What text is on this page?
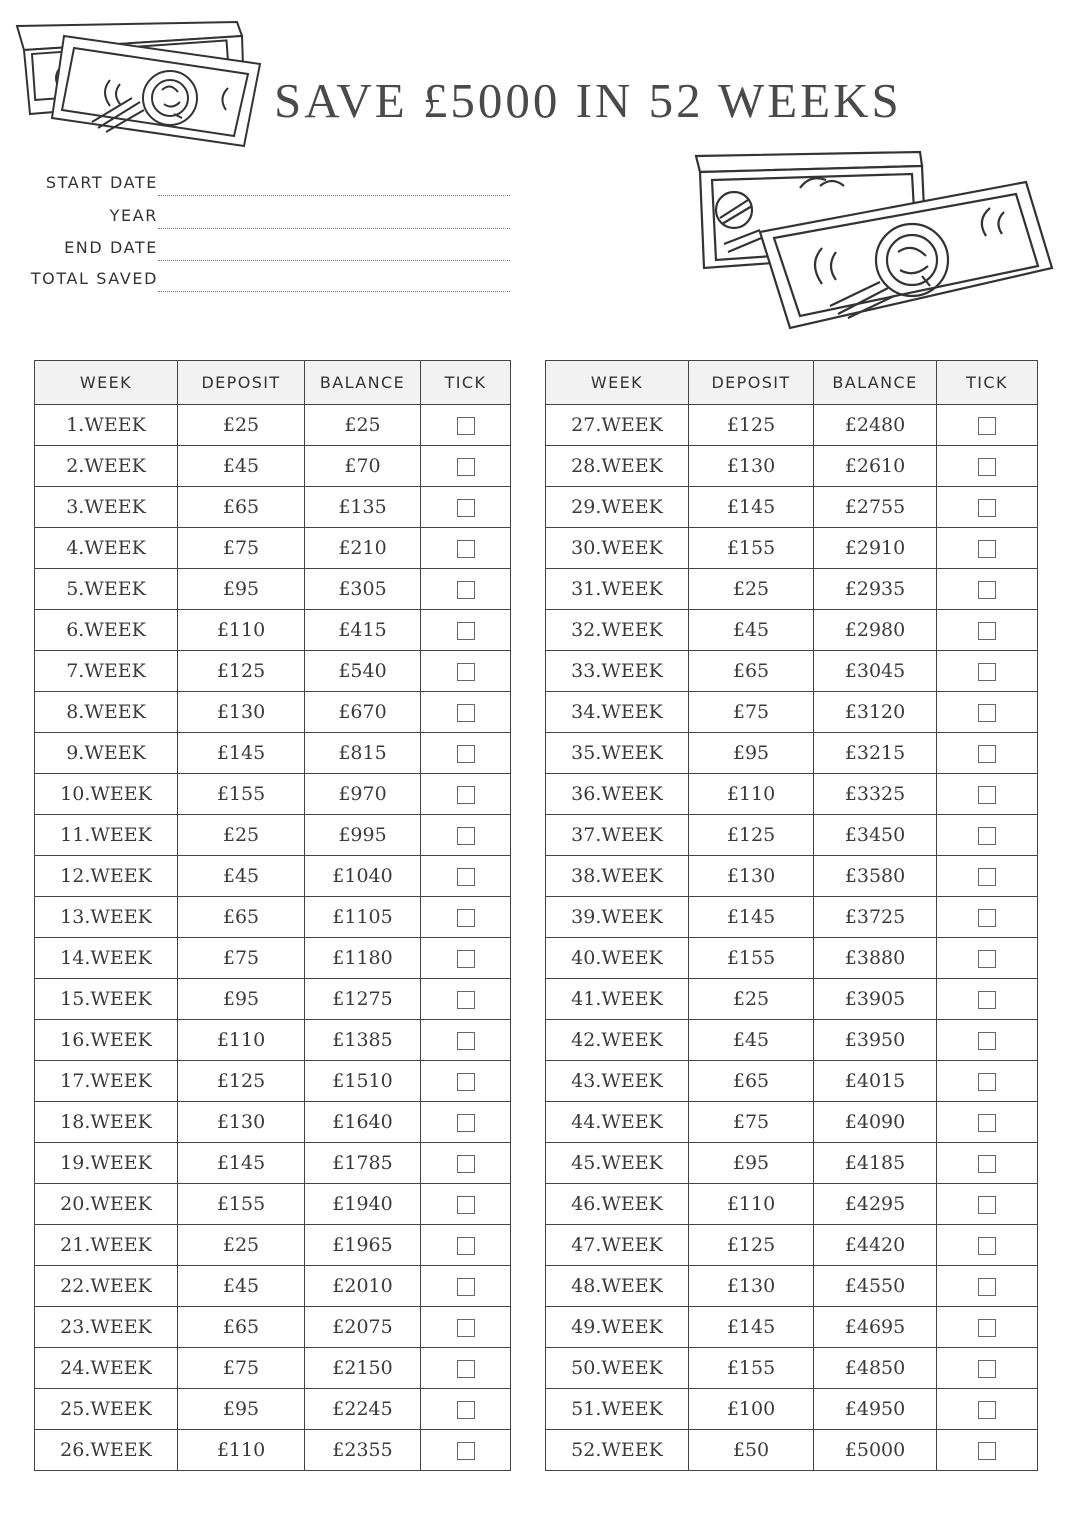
SAVE £5000 IN 52 WEEKS
START DATE
YEAR
END DATE
TOTAL SAVED
WEEK	DEPOSIT	BALANCE	TICK
1.WEEK	£25	£25	
2.WEEK	£45	£70	
3.WEEK	£65	£135	
4.WEEK	£75	£210	
5.WEEK	£95	£305	
6.WEEK	£110	£415	
7.WEEK	£125	£540	
8.WEEK	£130	£670	
9.WEEK	£145	£815	
10.WEEK	£155	£970	
11.WEEK	£25	£995	
12.WEEK	£45	£1040	
13.WEEK	£65	£1105	
14.WEEK	£75	£1180	
15.WEEK	£95	£1275	
16.WEEK	£110	£1385	
17.WEEK	£125	£1510	
18.WEEK	£130	£1640	
19.WEEK	£145	£1785	
20.WEEK	£155	£1940	
21.WEEK	£25	£1965	
22.WEEK	£45	£2010	
23.WEEK	£65	£2075	
24.WEEK	£75	£2150	
25.WEEK	£95	£2245	
26.WEEK	£110	£2355	
WEEK	DEPOSIT	BALANCE	TICK
27.WEEK	£125	£2480	
28.WEEK	£130	£2610	
29.WEEK	£145	£2755	
30.WEEK	£155	£2910	
31.WEEK	£25	£2935	
32.WEEK	£45	£2980	
33.WEEK	£65	£3045	
34.WEEK	£75	£3120	
35.WEEK	£95	£3215	
36.WEEK	£110	£3325	
37.WEEK	£125	£3450	
38.WEEK	£130	£3580	
39.WEEK	£145	£3725	
40.WEEK	£155	£3880	
41.WEEK	£25	£3905	
42.WEEK	£45	£3950	
43.WEEK	£65	£4015	
44.WEEK	£75	£4090	
45.WEEK	£95	£4185	
46.WEEK	£110	£4295	
47.WEEK	£125	£4420	
48.WEEK	£130	£4550	
49.WEEK	£145	£4695	
50.WEEK	£155	£4850	
51.WEEK	£100	£4950	
52.WEEK	£50	£5000	
